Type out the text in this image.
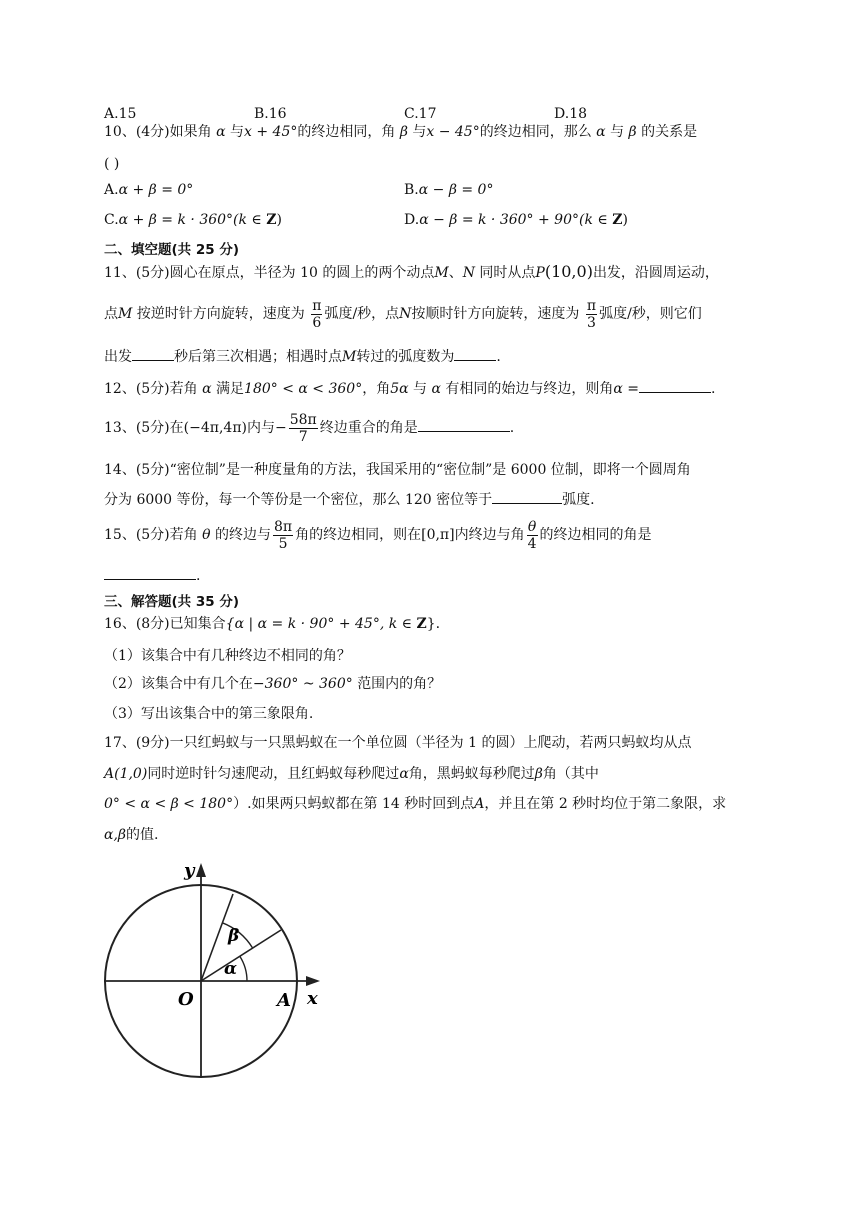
A.15	B.16	C.17	D.18
10、(4分)如果角 α 与x + 45°的终边相同，角 β 与x − 45°的终边相同，那么 α 与 β 的关系是
( )
A.α + β = 0°	B.α − β = 0°
C.α + β = k · 360°(k ∈ Z)	D.α − β = k · 360° + 90°(k ∈ Z)
二、填空题(共 25 分)
11、(5分)圆心在原点，半径为 10 的圆上的两个动点M、N 同时从点P(10,0)出发，沿圆周运动，
点M 按逆时针方向旋转，速度为 $\frac{\pi}{6}$ 弧度/秒，点N按顺时针方向旋转，速度为 $\frac{\pi}{3}$ 弧度/秒，则它们
出发	秒后第三次相遇；相遇时点M转过的弧度数为	.
12、(5分)若角 α 满足180° < α < 360°，角5α 与 α 有相同的始边与终边，则角α =	.
13、(5分)在(−4π,4π)内与− $\frac{58\pi}{7}$ 终边重合的角是	.
14、(5分)“密位制”是一种度量角的方法，我国采用的“密位制”是 6000 位制，即将一个圆周角
分为 6000 等份，每一个等份是一个密位，那么 120 密位等于	弧度.
15、(5分)若角 θ 的终边与 $\frac{8\pi}{5}$ 角的终边相同，则在[0,π]内终边与角 $\frac{\theta}{4}$ 的终边相同的角是
.
三、解答题(共 35 分)
16、(8分)已知集合{α | α = k · 90° + 45°, k ∈ Z}.
（1）该集合中有几种终边不相同的角？
（2）该集合中有几个在−360° ~ 360° 范围内的角？
（3）写出该集合中的第三象限角.
17、(9分)一只红蚂蚁与一只黑蚂蚁在一个单位圆（半径为 1 的圆）上爬动，若两只蚂蚁均从点
A(1,0)同时逆时针匀速爬动，且红蚂蚁每秒爬过α角，黑蚂蚁每秒爬过β角（其中
0° < α < β < 180°）.如果两只蚂蚁都在第 14 秒时回到点A，并且在第 2 秒时均位于第二象限，求
α,β的值.
y
x
O	A
α
β
